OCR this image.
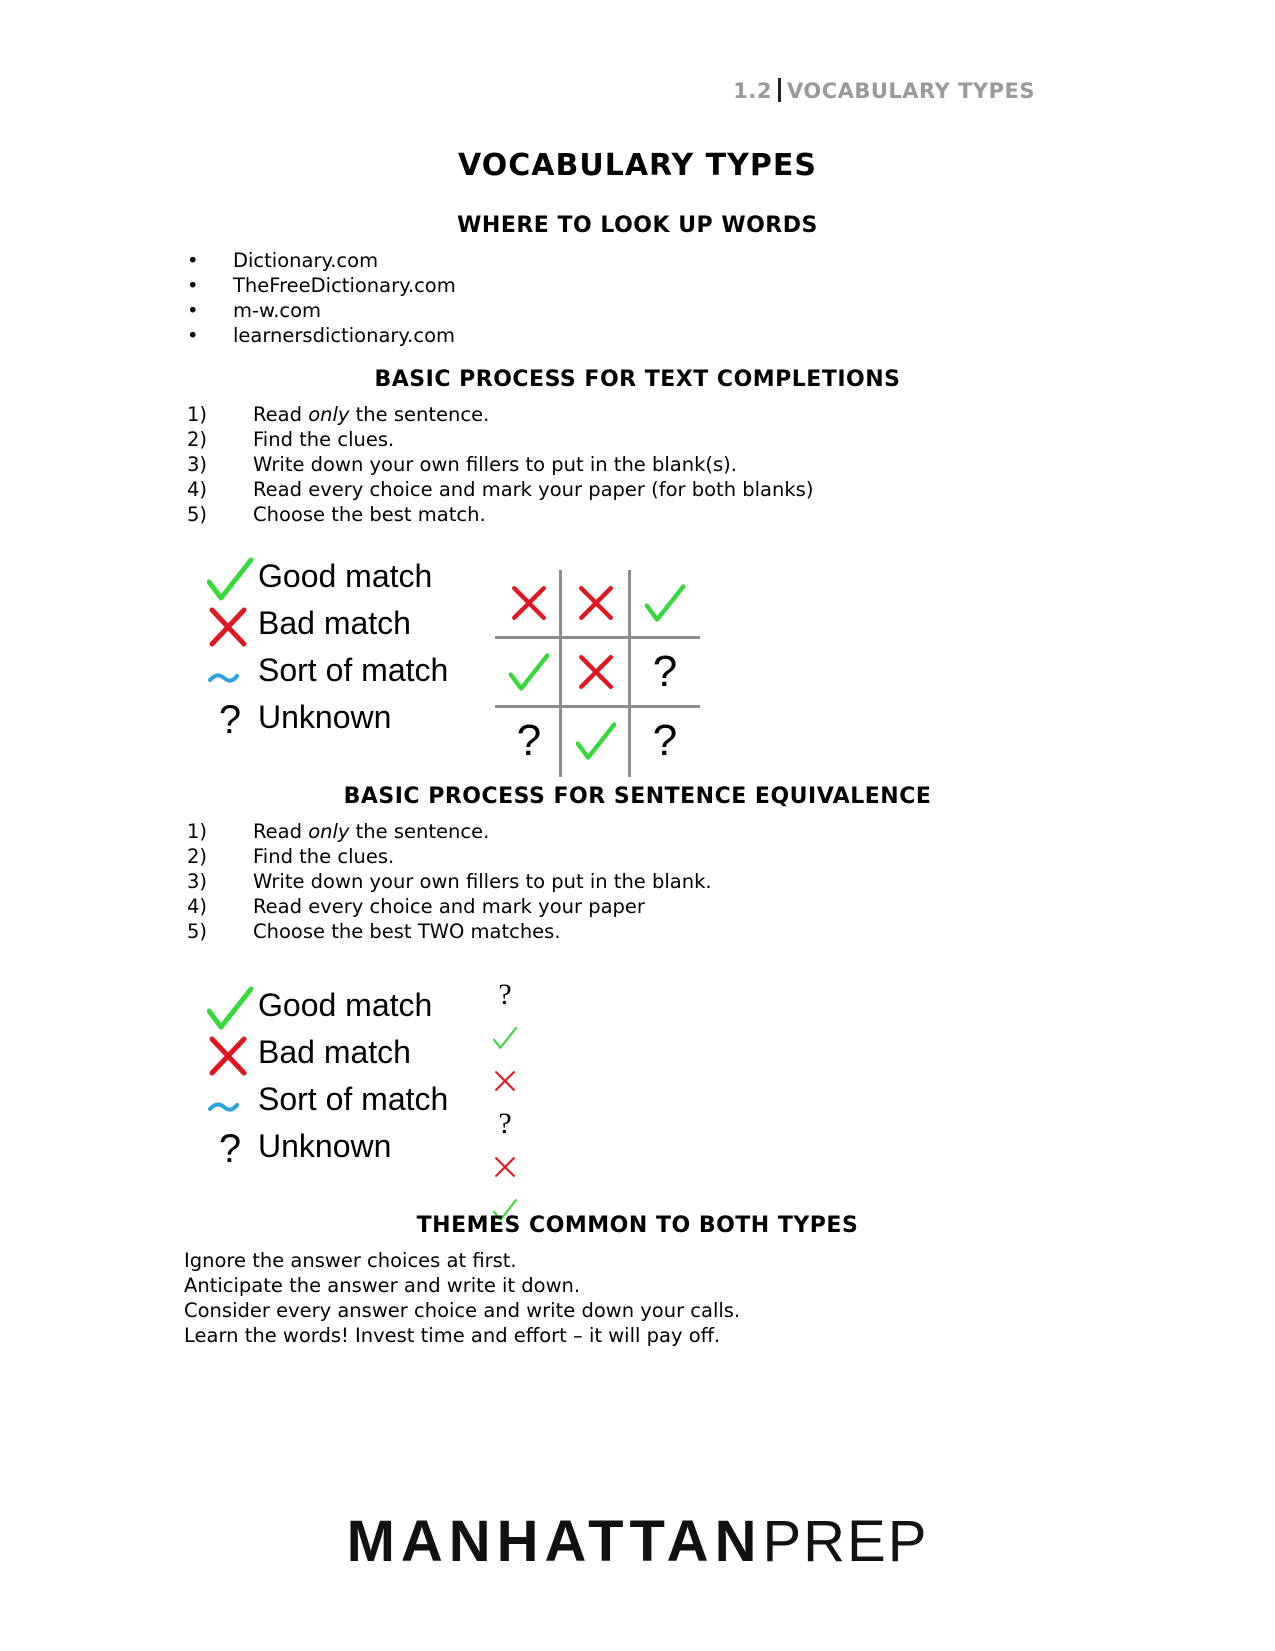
1.2 VOCABULARY TYPES
VOCABULARY TYPES
WHERE TO LOOK UP WORDS
• Dictionary.com
• TheFreeDictionary.com
• m-w.com
• learnersdictionary.com
BASIC PROCESS FOR TEXT COMPLETIONS
1) Read only the sentence.
2) Find the clues.
3) Write down your own fillers to put in the blank(s).
4) Read every choice and mark your paper (for both blanks)
5) Choose the best match.
Good match
Bad match
Sort of match
? Unknown
?
?	?
BASIC PROCESS FOR SENTENCE EQUIVALENCE
1) Read only the sentence.
2) Find the clues.
3) Write down your own fillers to put in the blank.
4) Read every choice and mark your paper
5) Choose the best TWO matches.
Good match
Bad match
Sort of match
? Unknown
?
?
THEMES COMMON TO BOTH TYPES
Ignore the answer choices at first.
Anticipate the answer and write it down.
Consider every answer choice and write down your calls.
Learn the words! Invest time and effort – it will pay off.
MANHATTANPREP
